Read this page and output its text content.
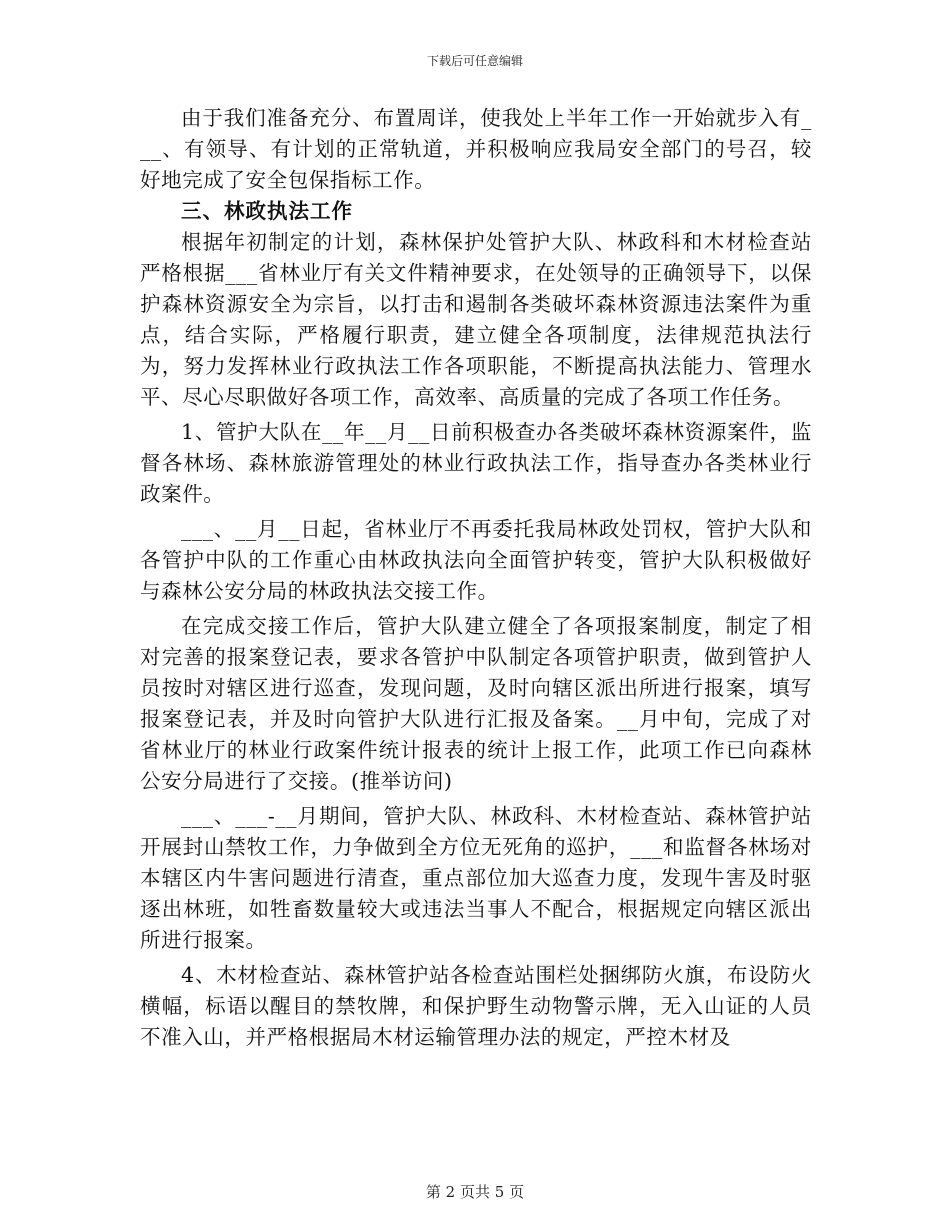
下载后可任意编辑

由于我们准备充分、布置周详，使我处上半年工作一开始就步入有___、有领导、有计划的正常轨道，并积极响应我局安全部门的号召，较好地完成了安全包保指标工作。

三、林政执法工作

根据年初制定的计划，森林保护处管护大队、林政科和木材检查站严格根据___省林业厅有关文件精神要求，在处领导的正确领导下，以保护森林资源安全为宗旨，以打击和遏制各类破坏森林资源违法案件为重点，结合实际，严格履行职责，建立健全各项制度，法律规范执法行为，努力发挥林业行政执法工作各项职能，不断提高执法能力、管理水平、尽心尽职做好各项工作，高效率、高质量的完成了各项工作任务。

1、管护大队在__年__月__日前积极查办各类破坏森林资源案件，监督各林场、森林旅游管理处的林业行政执法工作，指导查办各类林业行政案件。

___、__月__日起，省林业厅不再委托我局林政处罚权，管护大队和各管护中队的工作重心由林政执法向全面管护转变，管护大队积极做好与森林公安分局的林政执法交接工作。

在完成交接工作后，管护大队建立健全了各项报案制度，制定了相对完善的报案登记表，要求各管护中队制定各项管护职责，做到管护人员按时对辖区进行巡查，发现问题，及时向辖区派出所进行报案，填写报案登记表，并及时向管护大队进行汇报及备案。__月中旬，完成了对省林业厅的林业行政案件统计报表的统计上报工作，此项工作已向森林公安分局进行了交接。(推举访问)

___、___-__月期间，管护大队、林政科、木材检查站、森林管护站开展封山禁牧工作，力争做到全方位无死角的巡护，___和监督各林场对本辖区内牛害问题进行清查，重点部位加大巡查力度，发现牛害及时驱逐出林班，如牲畜数量较大或违法当事人不配合，根据规定向辖区派出所进行报案。

4、木材检查站、森林管护站各检查站围栏处捆绑防火旗，布设防火横幅，标语以醒目的禁牧牌，和保护野生动物警示牌，无入山证的人员不准入山，并严格根据局木材运输管理办法的规定，严控木材及

第 2 页共 5 页
